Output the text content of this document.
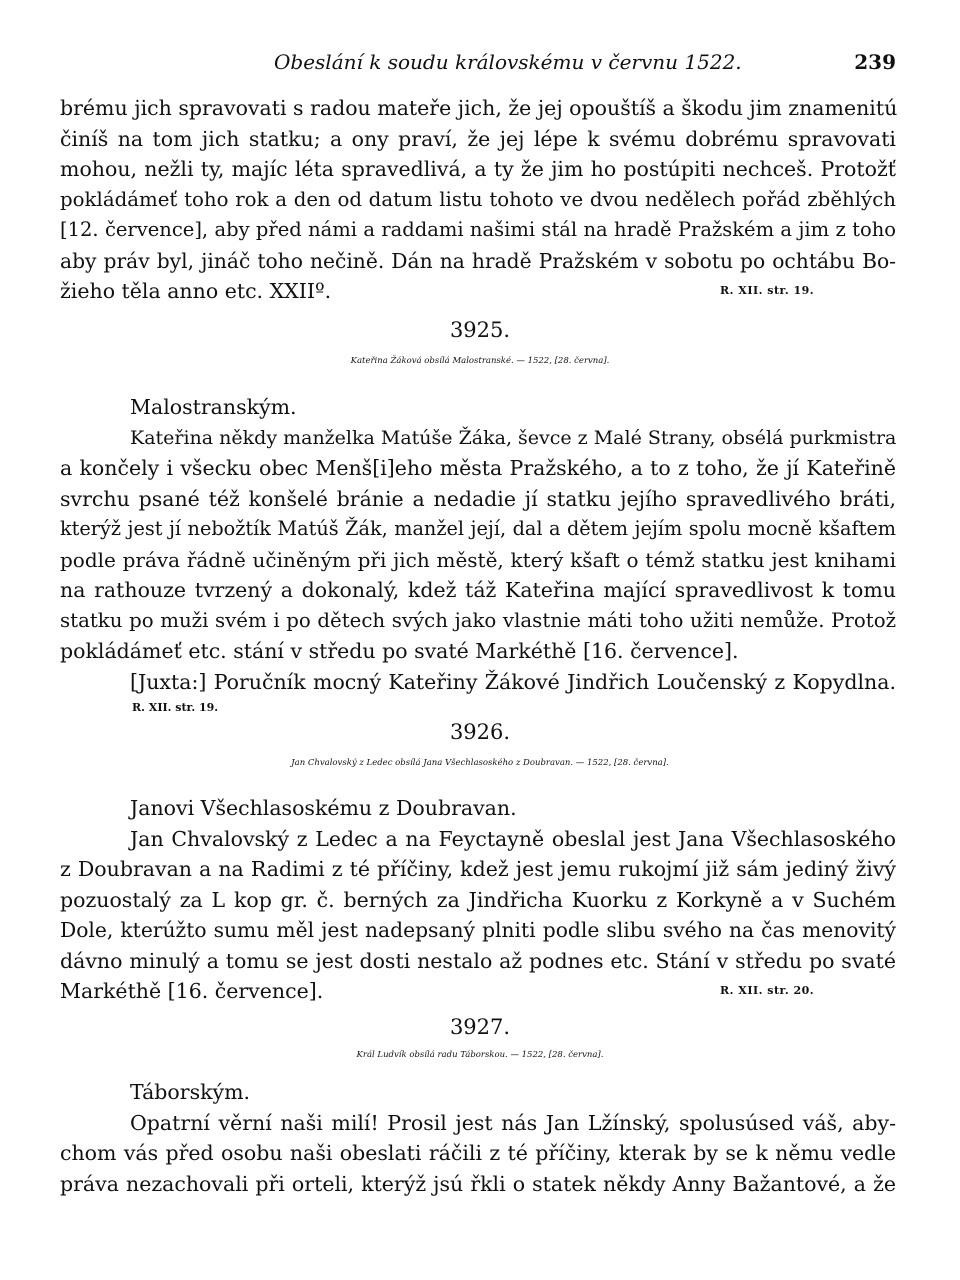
Obeslání k soudu královskému v červnu 1522.	239
brému jich spravovati s radou mateře jich, že jej opouštíš a škodu jim znamenitú
činíš na tom jich statku; a ony praví, že jej lépe k svému dobrému spravovati
mohou, nežli ty, majíc léta spravedlivá, a ty že jim ho postúpiti nechceš. Protožť
pokládámeť toho rok a den od datum listu tohoto ve dvou nedělech pořád zběhlých
[12. července], aby před námi a raddami našimi stál na hradě Pražském a jim z toho
aby práv byl, jináč toho nečině. Dán na hradě Pražském v sobotu po ochtábu Bo-
žieho těla anno etc. XXIIº.	R. XII. str. 19.
3925.
Kateřina Žáková obsílá Malostranské. — 1522, [28. června].
Malostranským.
Kateřina někdy manželka Matúše Žáka, ševce z Malé Strany, obsélá purkmistra
a končely i všecku obec Menš[i]eho města Pražského, a to z toho, že jí Kateřině
svrchu psané též konšelé bránie a nedadie jí statku jejího spravedlivého bráti,
kterýž jest jí nebožtík Matúš Žák, manžel její, dal a dětem jejím spolu mocně kšaftem
podle práva řádně učiněným při jich městě, který kšaft o témž statku jest knihami
na rathouze tvrzený a dokonalý, kdež táž Kateřina mající spravedlivost k tomu
statku po muži svém i po dětech svých jako vlastnie máti toho užiti nemůže. Protož
pokládámeť etc. stání v středu po svaté Markéthě [16. července].
[Juxta:] Poručník mocný Kateřiny Žákové Jindřich Loučenský z Kopydlna.
R. XII. str. 19.
3926.
Jan Chvalovský z Ledec obsílá Jana Všechlasoského z Doubravan. — 1522, [28. června].
Janovi Všechlasoskému z Doubravan.
Jan Chvalovský z Ledec a na Feyctayně obeslal jest Jana Všechlasoského
z Doubravan a na Radimi z té příčiny, kdež jest jemu rukojmí již sám jediný živý
pozuostalý za L kop gr. č. berných za Jindřicha Kuorku z Korkyně a v Suchém
Dole, kterúžto sumu měl jest nadepsaný plniti podle slibu svého na čas menovitý
dávno minulý a tomu se jest dosti nestalo až podnes etc. Stání v středu po svaté
Markéthě [16. července].	R. XII. str. 20.
3927.
Král Ludvík obsílá radu Táborskou. — 1522, [28. června].
Táborským.
Opatrní věrní naši milí! Prosil jest nás Jan Lžínský, spolusúsed váš, aby-
chom vás před osobu naši obeslati ráčili z té příčiny, kterak by se k němu vedle
práva nezachovali při orteli, kterýž jsú řkli o statek někdy Anny Bažantové, a že
